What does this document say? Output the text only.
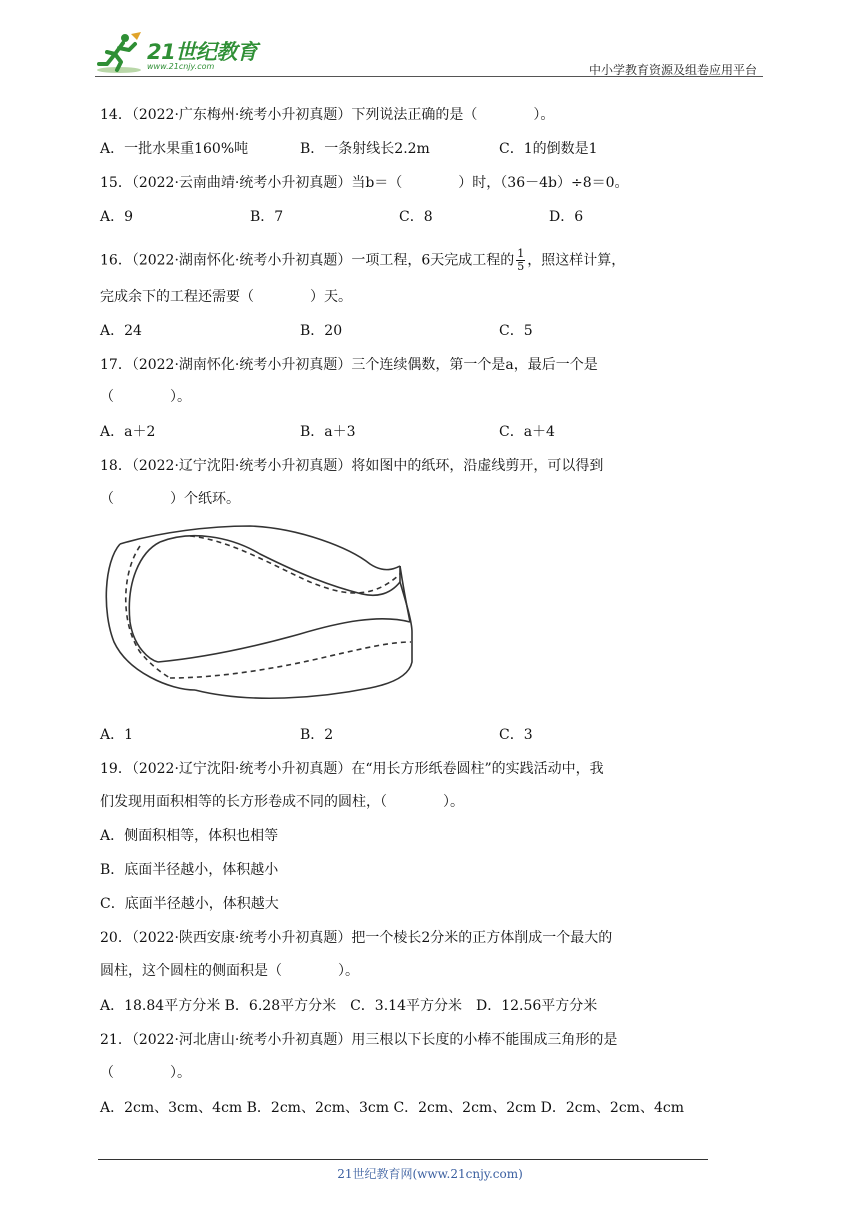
21世纪教育
www.21cnjy.com	中小学教育资源及组卷应用平台
14．（2022·广东梅州·统考小升初真题）下列说法正确的是（　　　　）。
A．一批水果重160%吨	B．一条射线长2.2m	C．1的倒数是1
15．（2022·云南曲靖·统考小升初真题）当b＝（　　　　）时，（36－4b）÷8＝0。
A．9	B．7	C．8	D．6
16．（2022·湖南怀化·统考小升初真题）一项工程，6天完成工程的 $\frac{1}{5}$ ，照这样计算，
完成余下的工程还需要（　　　　）天。
A．24	B．20	C．5
17．（2022·湖南怀化·统考小升初真题）三个连续偶数，第一个是a，最后一个是
（　　　　）。
A．a＋2	B．a＋3	C．a＋4
18．（2022·辽宁沈阳·统考小升初真题）将如图中的纸环，沿虚线剪开，可以得到
（　　　　）个纸环。
A．1	B．2	C．3
19．（2022·辽宁沈阳·统考小升初真题）在“用长方形纸卷圆柱”的实践活动中，我
们发现用面积相等的长方形卷成不同的圆柱，（　　　　）。
A．侧面积相等，体积也相等
B．底面半径越小，体积越小
C．底面半径越小，体积越大
20．（2022·陕西安康·统考小升初真题）把一个棱长2分米的正方体削成一个最大的
圆柱，这个圆柱的侧面积是（　　　　）。
A．18.84平方分米 B．6.28平方分米　C．3.14平方分米　D．12.56平方分米
21．（2022·河北唐山·统考小升初真题）用三根以下长度的小棒不能围成三角形的是
（　　　　）。
A．2cm、3cm、4cm B．2cm、2cm、3cm C．2cm、2cm、2cm D．2cm、2cm、4cm
21世纪教育网(www.21cnjy.com)
